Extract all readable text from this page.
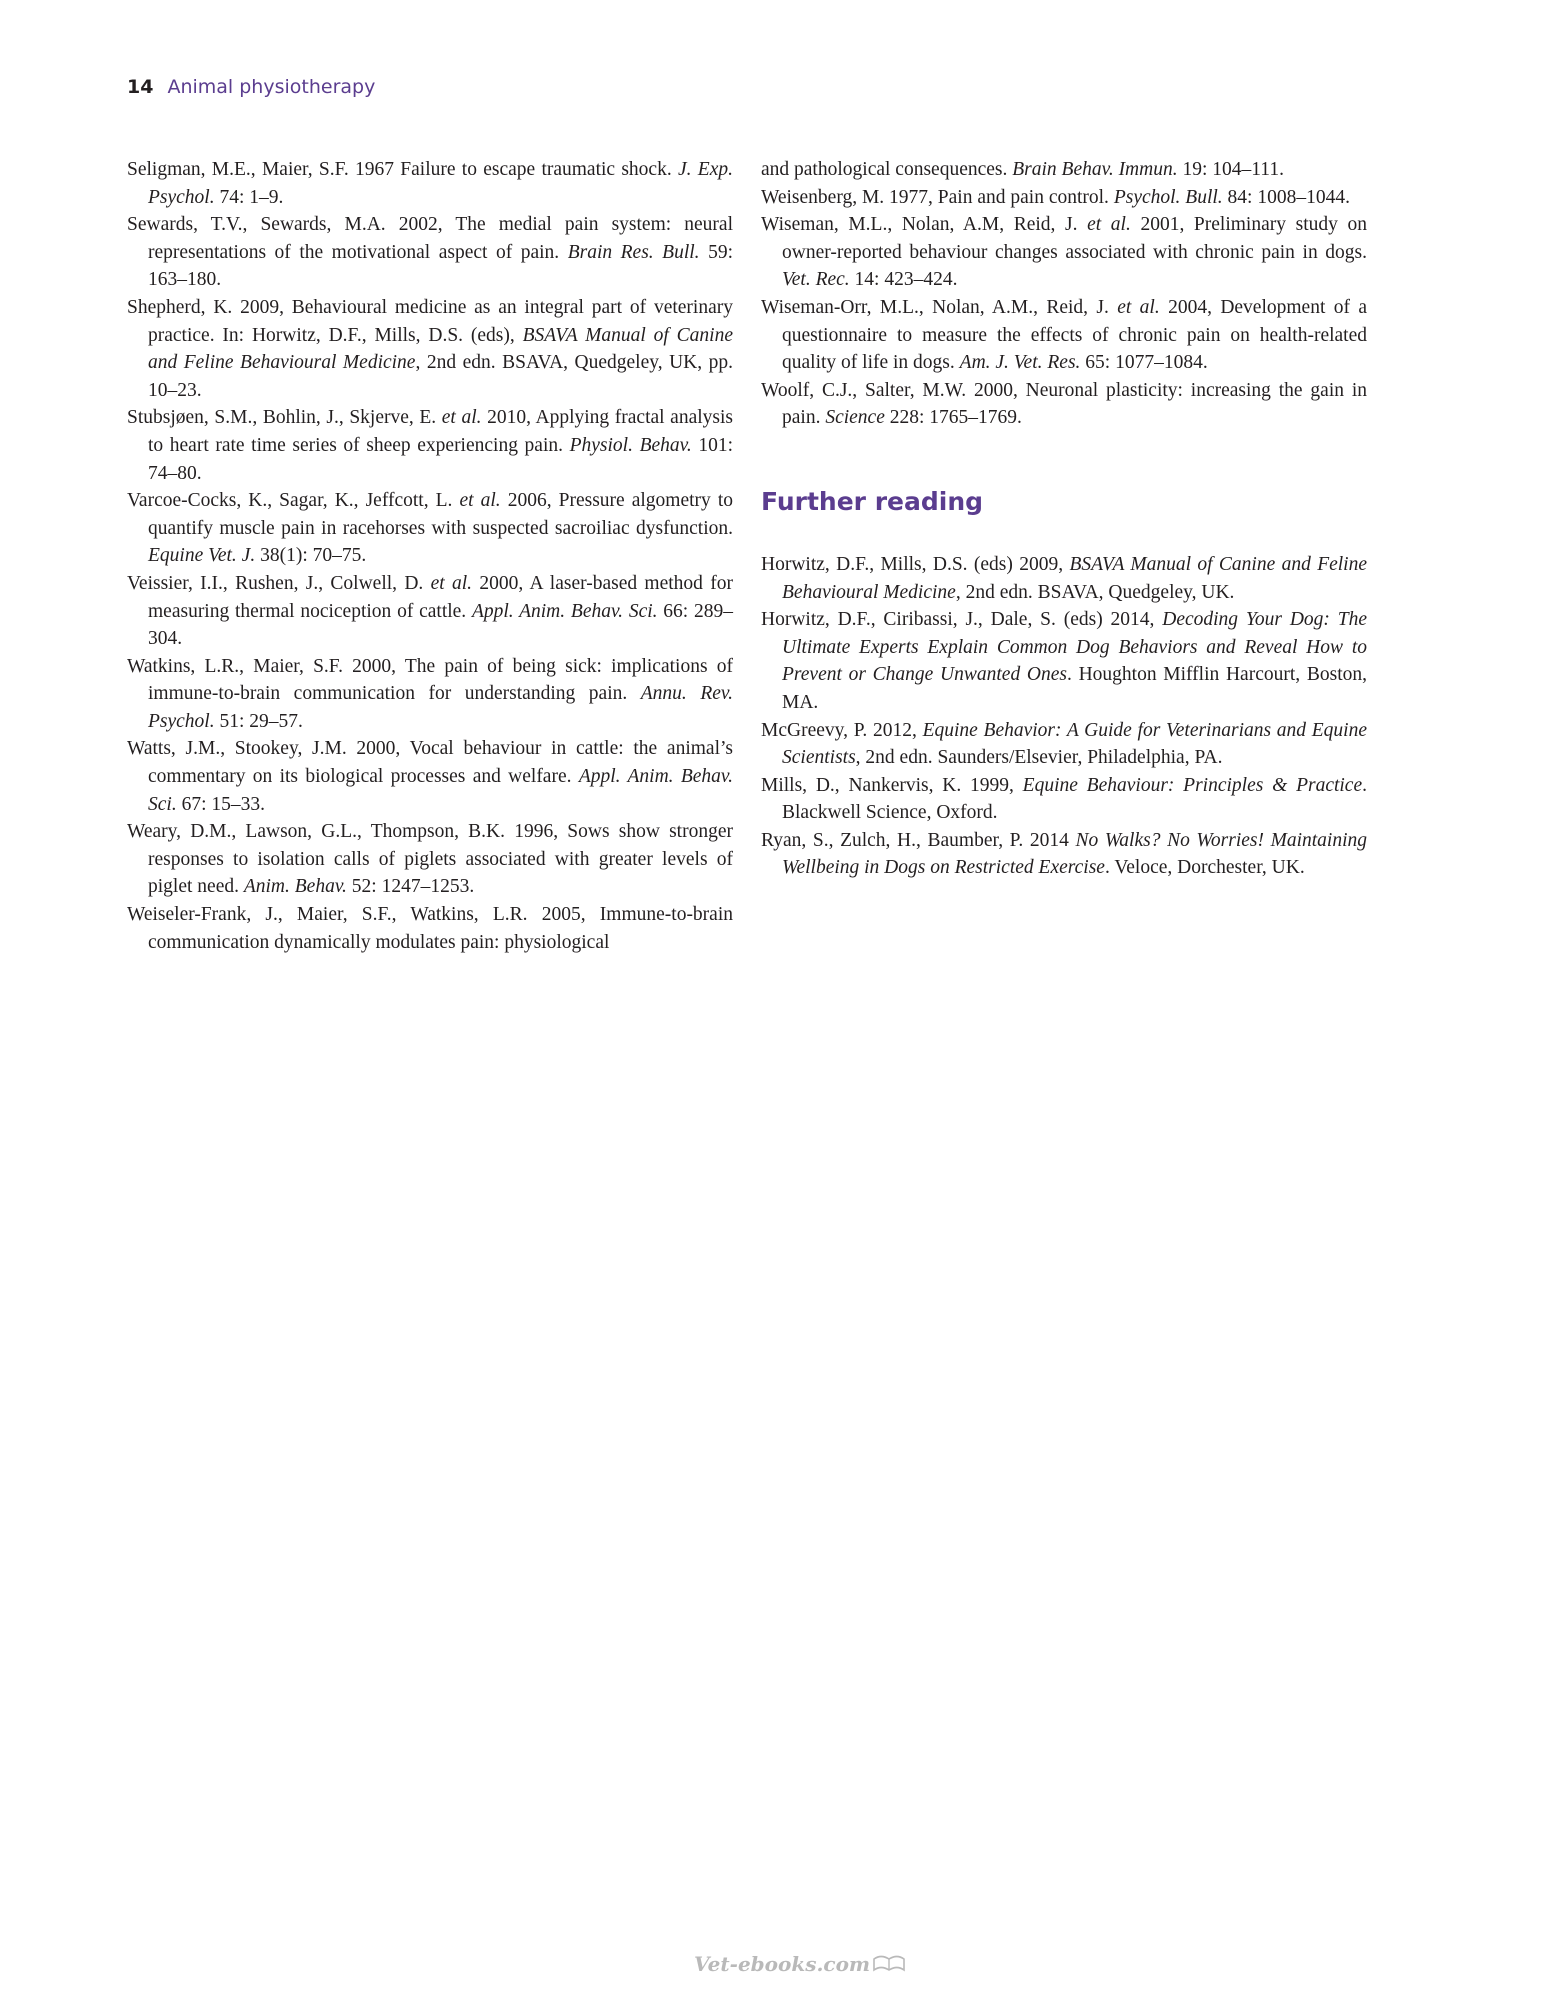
14 Animal physiotherapy

Seligman, M.E., Maier, S.F. 1967 Failure to escape traumatic shock. J. Exp. Psychol. 74: 1–9.

Sewards, T.V., Sewards, M.A. 2002, The medial pain system: neural representations of the motivational aspect of pain. Brain Res. Bull. 59: 163–180.

Shepherd, K. 2009, Behavioural medicine as an integral part of veterinary practice. In: Horwitz, D.F., Mills, D.S. (eds), BSAVA Manual of Canine and Feline Behavioural Medicine, 2nd edn. BSAVA, Quedgeley, UK, pp. 10–23.

Stubsjøen, S.M., Bohlin, J., Skjerve, E. et al. 2010, Applying fractal analysis to heart rate time series of sheep experiencing pain. Physiol. Behav. 101: 74–80.

Varcoe-Cocks, K., Sagar, K., Jeffcott, L. et al. 2006, Pressure algometry to quantify muscle pain in racehorses with suspected sacroiliac dysfunction. Equine Vet. J. 38(1): 70–75.

Veissier, I.I., Rushen, J., Colwell, D. et al. 2000, A laser-based method for measuring thermal nociception of cattle. Appl. Anim. Behav. Sci. 66: 289–304.

Watkins, L.R., Maier, S.F. 2000, The pain of being sick: implications of immune-to-brain communication for understanding pain. Annu. Rev. Psychol. 51: 29–57.

Watts, J.M., Stookey, J.M. 2000, Vocal behaviour in cattle: the animal’s commentary on its biological processes and welfare. Appl. Anim. Behav. Sci. 67: 15–33.

Weary, D.M., Lawson, G.L., Thompson, B.K. 1996, Sows show stronger responses to isolation calls of piglets associated with greater levels of piglet need. Anim. Behav. 52: 1247–1253.

Weiseler-Frank, J., Maier, S.F., Watkins, L.R. 2005, Immune-to-brain communication dynamically modulates pain: physiological

and pathological consequences. Brain Behav. Immun. 19: 104–111.

Weisenberg, M. 1977, Pain and pain control. Psychol. Bull. 84: 1008–1044.

Wiseman, M.L., Nolan, A.M, Reid, J. et al. 2001, Preliminary study on owner-reported behaviour changes associated with chronic pain in dogs. Vet. Rec. 14: 423–424.

Wiseman-Orr, M.L., Nolan, A.M., Reid, J. et al. 2004, Development of a questionnaire to measure the effects of chronic pain on health-related quality of life in dogs. Am. J. Vet. Res. 65: 1077–1084.

Woolf, C.J., Salter, M.W. 2000, Neuronal plasticity: increasing the gain in pain. Science 228: 1765–1769.

Further reading

Horwitz, D.F., Mills, D.S. (eds) 2009, BSAVA Manual of Canine and Feline Behavioural Medicine, 2nd edn. BSAVA, Quedgeley, UK.

Horwitz, D.F., Ciribassi, J., Dale, S. (eds) 2014, Decoding Your Dog: The Ultimate Experts Explain Common Dog Behaviors and Reveal How to Prevent or Change Unwanted Ones. Houghton Mifflin Harcourt, Boston, MA.

McGreevy, P. 2012, Equine Behavior: A Guide for Veterinarians and Equine Scientists, 2nd edn. Saunders/Elsevier, Philadelphia, PA.

Mills, D., Nankervis, K. 1999, Equine Behaviour: Principles & Practice. Blackwell Science, Oxford.

Ryan, S., Zulch, H., Baumber, P. 2014 No Walks? No Worries! Maintaining Wellbeing in Dogs on Restricted Exercise. Veloce, Dorchester, UK.

Vet-ebooks.com
